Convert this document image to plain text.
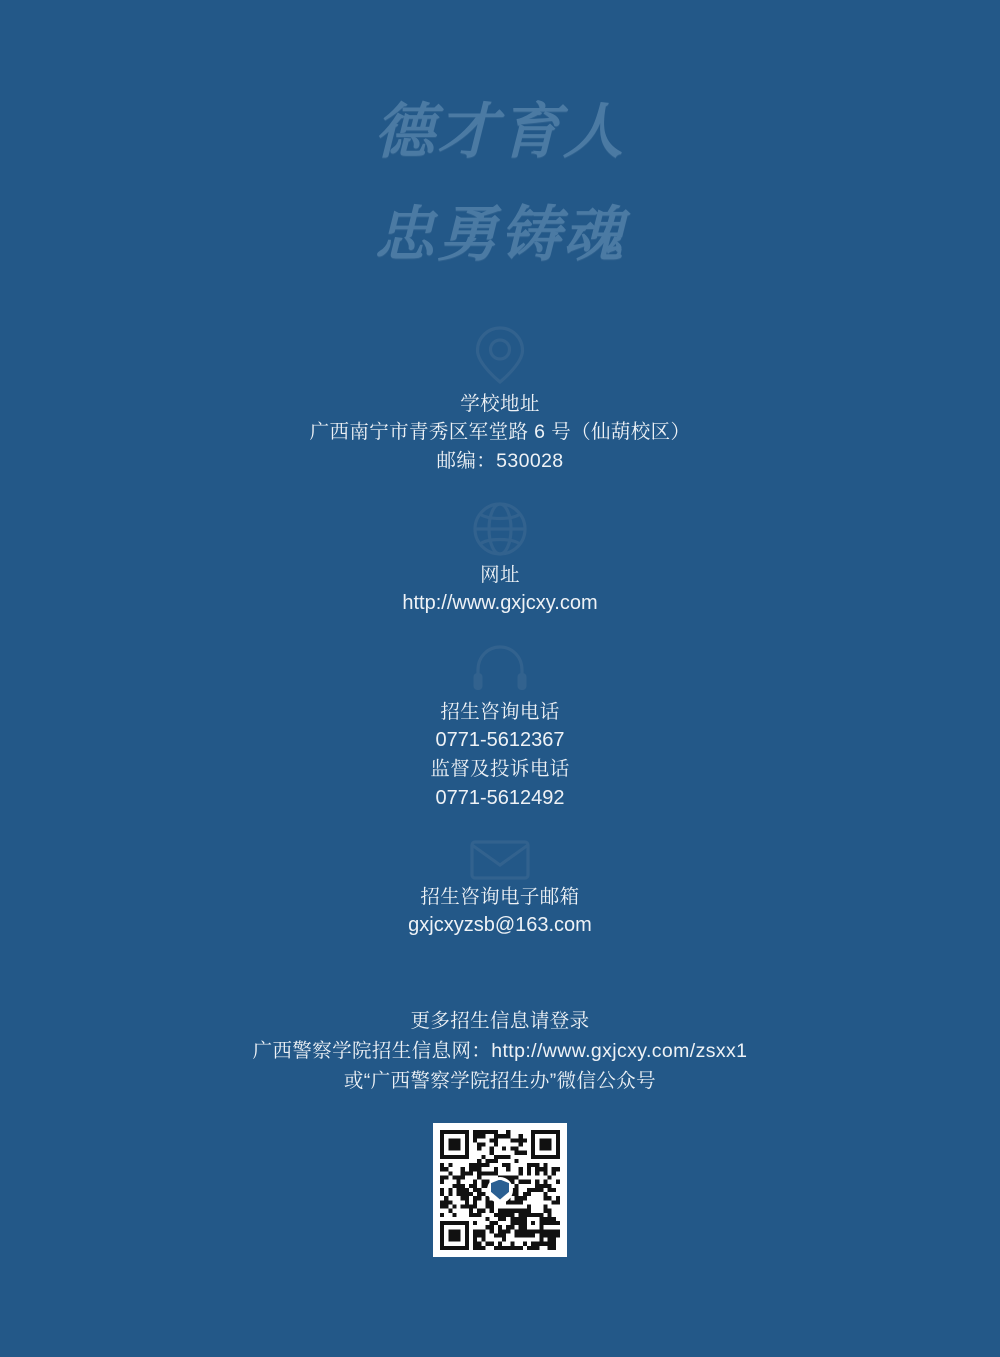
德才育人
忠勇铸魂
学校地址
广西南宁市青秀区军堂路 6 号（仙葫校区）
邮编：530028
网址
http://www.gxjcxy.com
招生咨询电话
0771-5612367
监督及投诉电话
0771-5612492
招生咨询电子邮箱
gxjcxyzsb@163.com
更多招生信息请登录
广西警察学院招生信息网：http://www.gxjcxy.com/zsxx1
或“广西警察学院招生办”微信公众号
